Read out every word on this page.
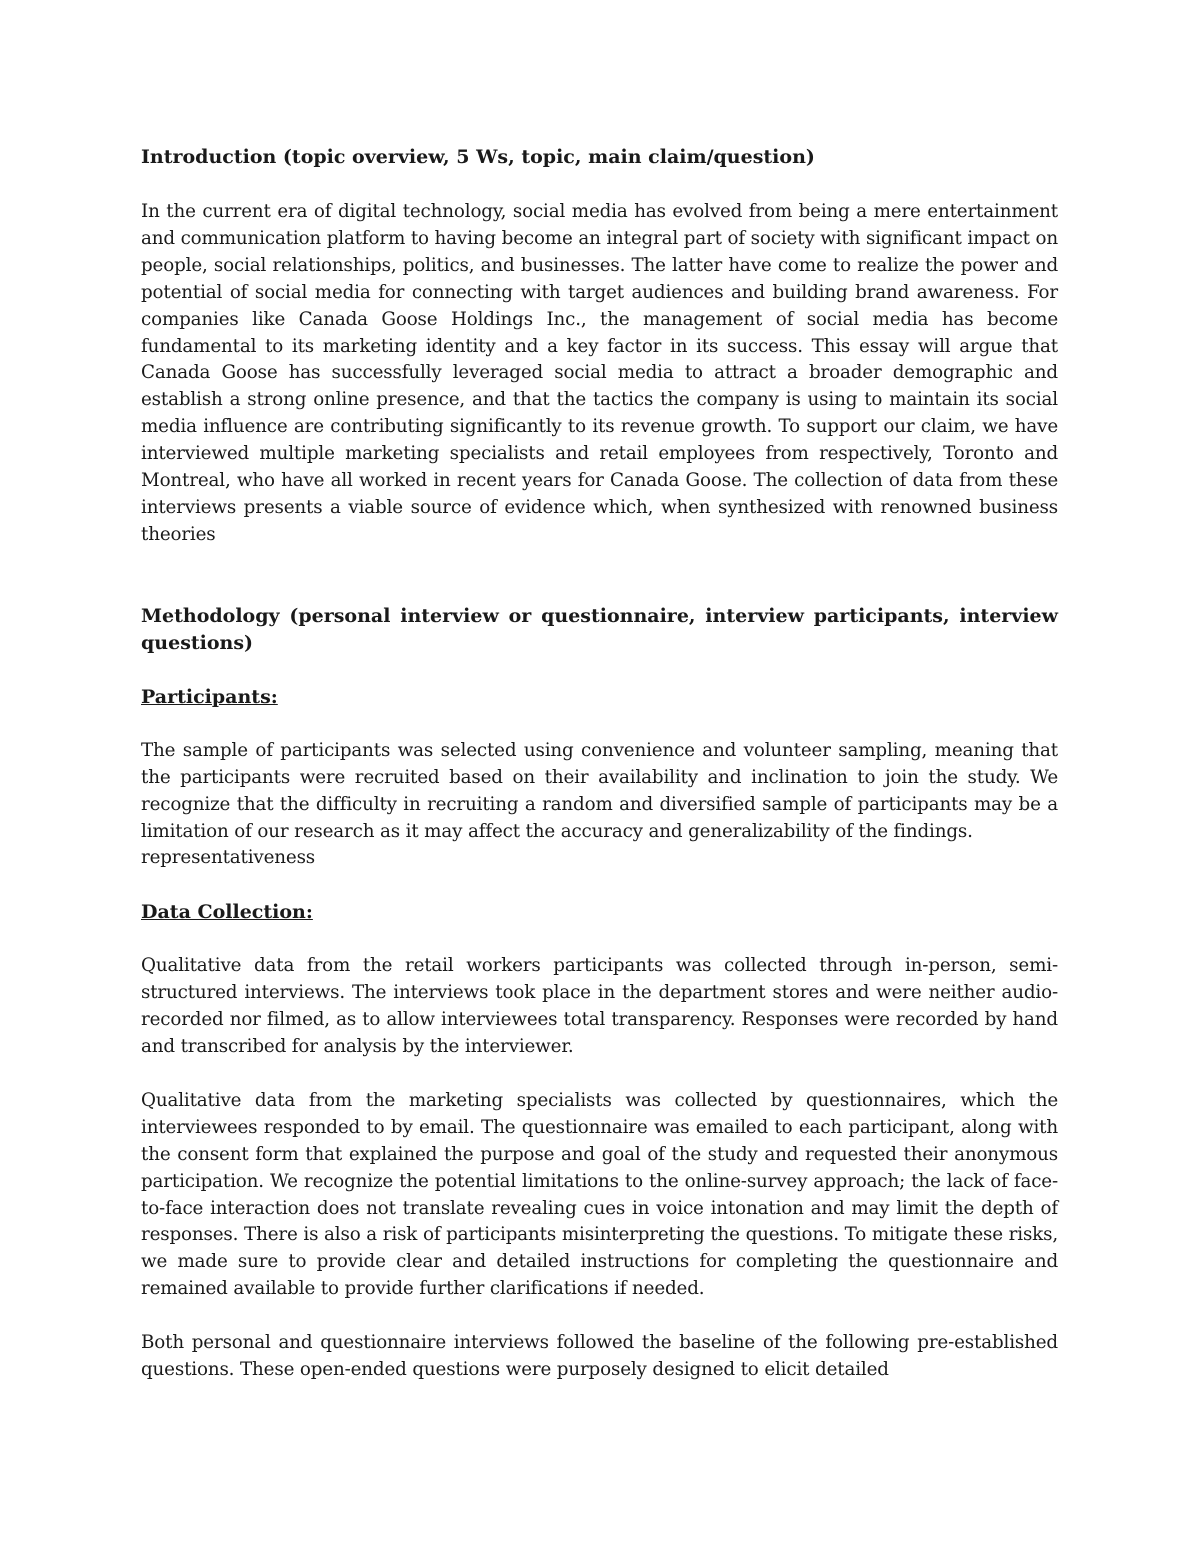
Introduction (topic overview, 5 Ws, topic, main claim/question)

In the current era of digital technology, social media has evolved from being a mere entertainment and communication platform to having become an integral part of society with significant impact on people, social relationships, politics, and businesses. The latter have come to realize the power and potential of social media for connecting with target audiences and building brand awareness. For companies like Canada Goose Holdings Inc., the management of social media has become fundamental to its marketing identity and a key factor in its success. This essay will argue that Canada Goose has successfully leveraged social media to attract a broader demographic and establish a strong online presence, and that the tactics the company is using to maintain its social media influence are contributing significantly to its revenue growth. To support our claim, we have interviewed multiple marketing specialists and retail employees from respectively, Toronto and Montreal, who have all worked in recent years for Canada Goose. The collection of data from these interviews presents a viable source of evidence which, when synthesized with renowned business theories

Methodology (personal interview or questionnaire, interview participants, interview questions)

Participants:

The sample of participants was selected using convenience and volunteer sampling, meaning that the participants were recruited based on their availability and inclination to join the study. We recognize that the difficulty in recruiting a random and diversified sample of participants may be a limitation of our research as it may affect the accuracy and generalizability of the findings.

representativeness

Data Collection:

Qualitative data from the retail workers participants was collected through in-person, semi-structured interviews. The interviews took place in the department stores and were neither audio-recorded nor filmed, as to allow interviewees total transparency. Responses were recorded by hand and transcribed for analysis by the interviewer.

Qualitative data from the marketing specialists was collected by questionnaires, which the interviewees responded to by email. The questionnaire was emailed to each participant, along with the consent form that explained the purpose and goal of the study and requested their anonymous participation. We recognize the potential limitations to the online-survey approach; the lack of face-to-face interaction does not translate revealing cues in voice intonation and may limit the depth of responses. There is also a risk of participants misinterpreting the questions. To mitigate these risks, we made sure to provide clear and detailed instructions for completing the questionnaire and remained available to provide further clarifications if needed.

Both personal and questionnaire interviews followed the baseline of the following pre-established questions. These open-ended questions were purposely designed to elicit detailed
